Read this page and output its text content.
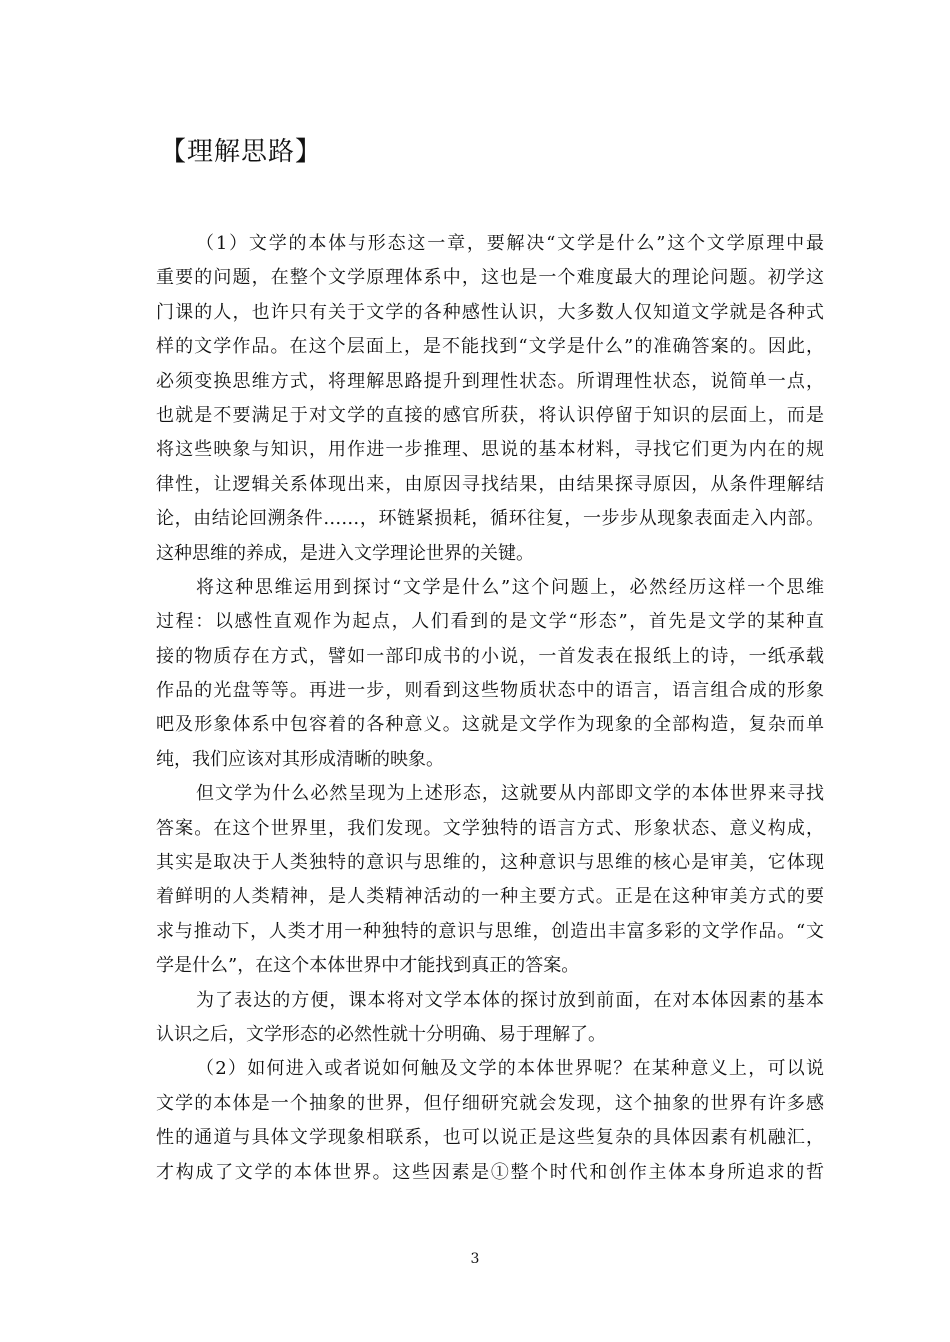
【理解思路】
（1）文学的本体与形态这一章，要解决“文学是什么”这个文学原理中最
重要的问题，在整个文学原理体系中，这也是一个难度最大的理论问题。初学这
门课的人，也许只有关于文学的各种感性认识，大多数人仅知道文学就是各种式
样的文学作品。在这个层面上，是不能找到“文学是什么”的准确答案的。因此，
必须变换思维方式，将理解思路提升到理性状态。所谓理性状态，说简单一点，
也就是不要满足于对文学的直接的感官所获，将认识停留于知识的层面上，而是
将这些映象与知识，用作进一步推理、思说的基本材料，寻找它们更为内在的规
律性，让逻辑关系体现出来，由原因寻找结果，由结果探寻原因，从条件理解结
论，由结论回溯条件……，环链紧损耗，循环往复，一步步从现象表面走入内部。
这种思维的养成，是进入文学理论世界的关键。
将这种思维运用到探讨“文学是什么”这个问题上，必然经历这样一个思维
过程：以感性直观作为起点，人们看到的是文学“形态”，首先是文学的某种直
接的物质存在方式，譬如一部印成书的小说，一首发表在报纸上的诗，一纸承载
作品的光盘等等。再进一步，则看到这些物质状态中的语言，语言组合成的形象
吧及形象体系中包容着的各种意义。这就是文学作为现象的全部构造，复杂而单
纯，我们应该对其形成清晰的映象。
但文学为什么必然呈现为上述形态，这就要从内部即文学的本体世界来寻找
答案。在这个世界里，我们发现。文学独特的语言方式、形象状态、意义构成，
其实是取决于人类独特的意识与思维的，这种意识与思维的核心是审美，它体现
着鲜明的人类精神，是人类精神活动的一种主要方式。正是在这种审美方式的要
求与推动下，人类才用一种独特的意识与思维，创造出丰富多彩的文学作品。“文
学是什么”，在这个本体世界中才能找到真正的答案。
为了表达的方便，课本将对文学本体的探讨放到前面，在对本体因素的基本
认识之后，文学形态的必然性就十分明确、易于理解了。
（2）如何进入或者说如何触及文学的本体世界呢？在某种意义上，可以说
文学的本体是一个抽象的世界，但仔细研究就会发现，这个抽象的世界有许多感
性的通道与具体文学现象相联系，也可以说正是这些复杂的具体因素有机融汇，
才构成了文学的本体世界。这些因素是①整个时代和创作主体本身所追求的哲
3
